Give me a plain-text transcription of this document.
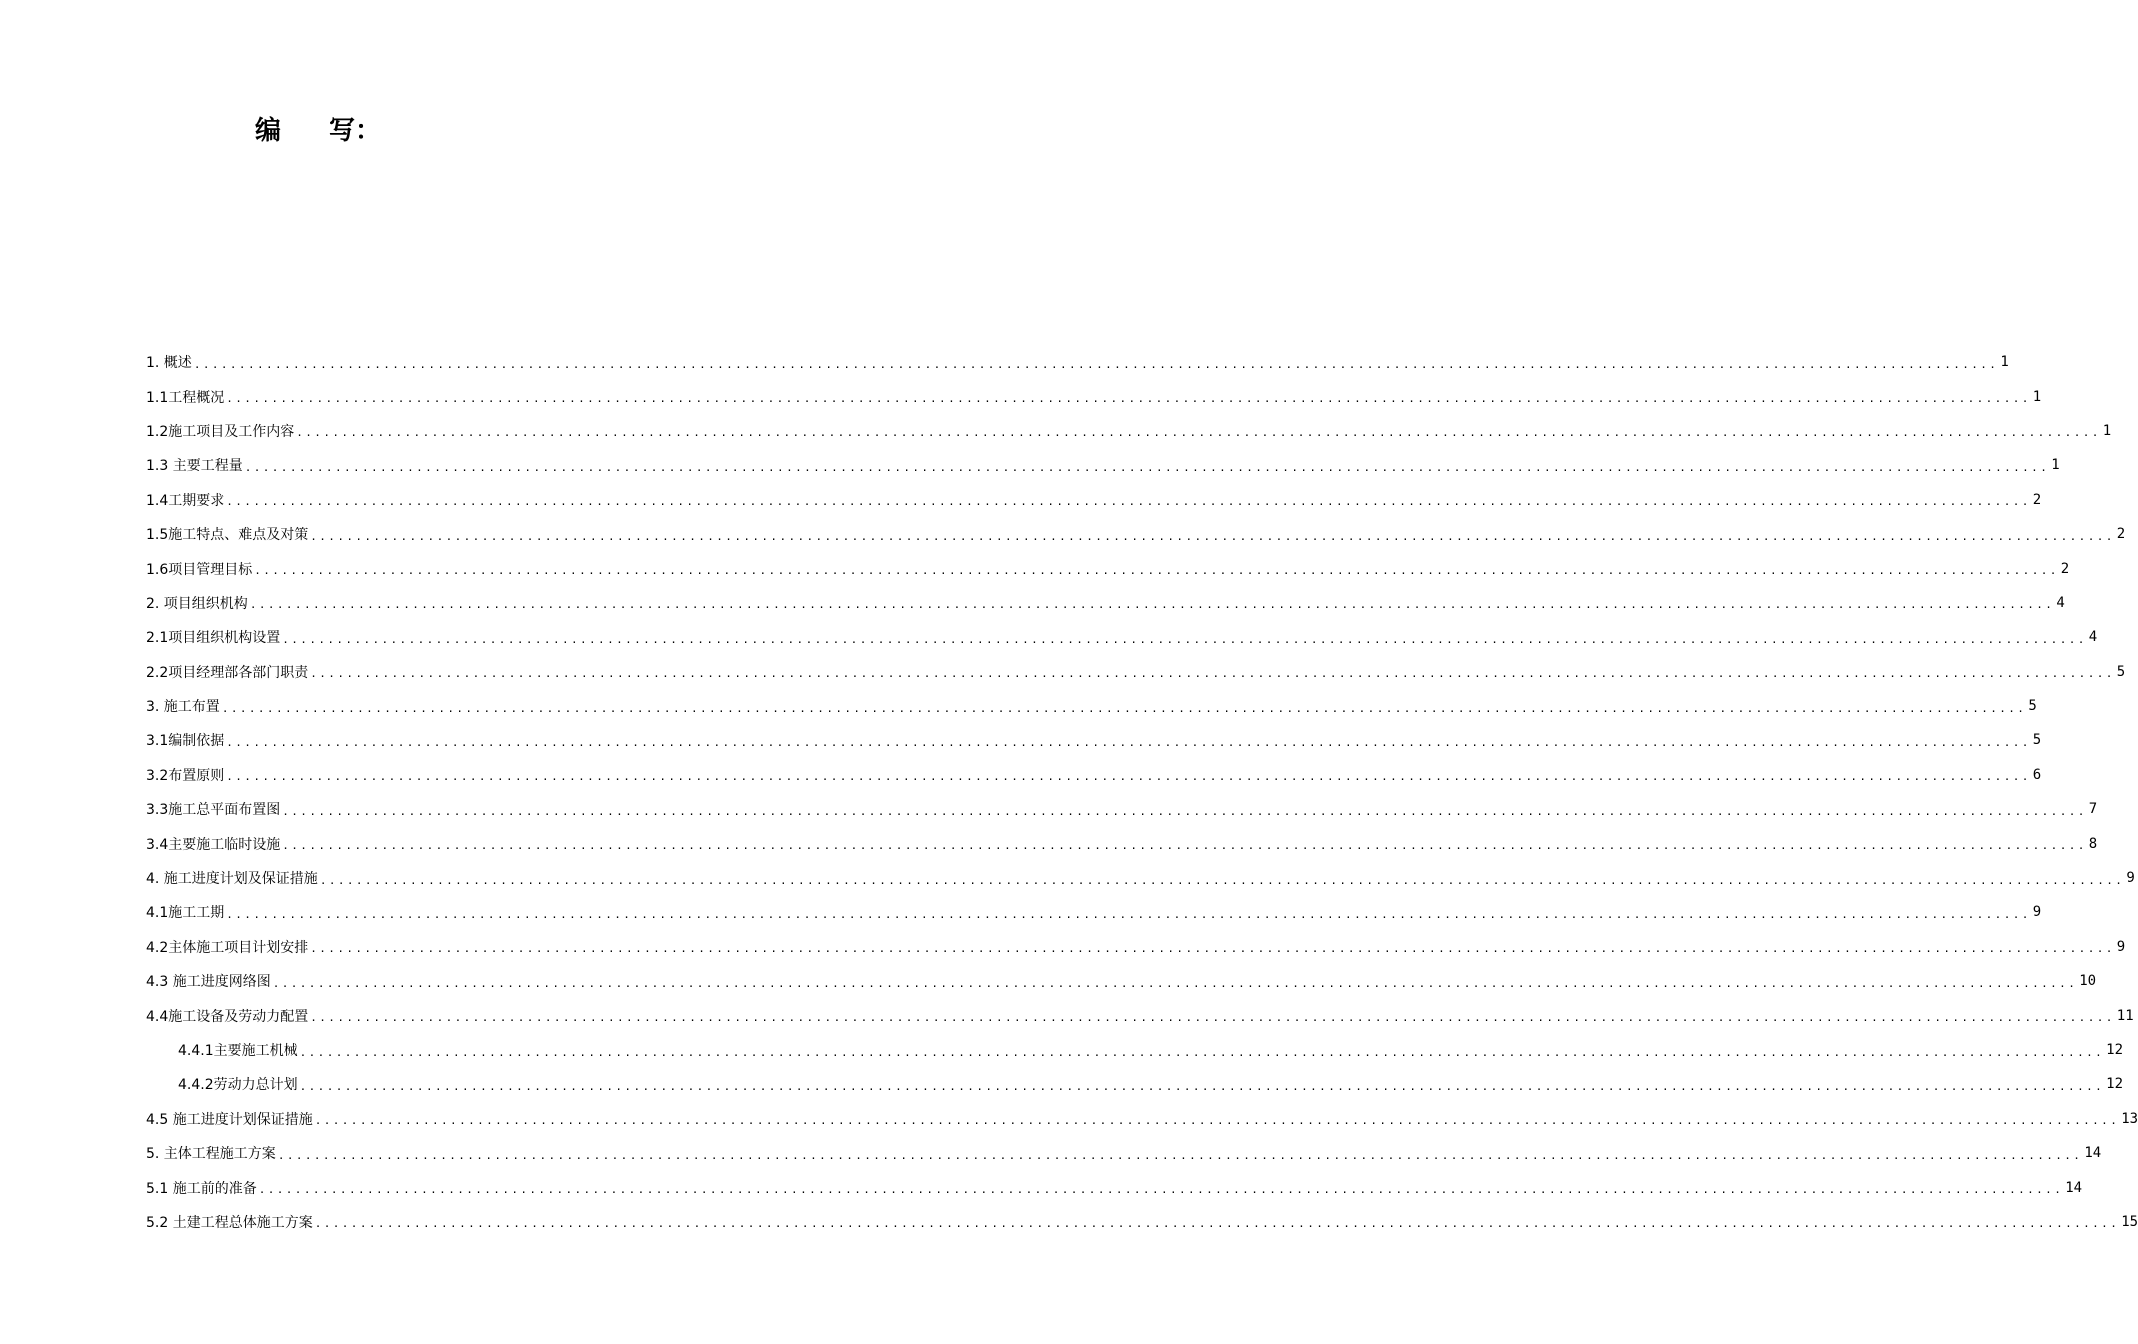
编 写：
1. 概述 ........................................................................................................................................................................................................ 1
1.1工程概况 ........................................................................................................................................................................................................ 1
1.2施工项目及工作内容 ........................................................................................................................................................................................................ 1
1.3 主要工程量 ........................................................................................................................................................................................................ 1
1.4工期要求 ........................................................................................................................................................................................................ 2
1.5施工特点、难点及对策 ........................................................................................................................................................................................................ 2
1.6项目管理目标 ........................................................................................................................................................................................................ 2
2. 项目组织机构 ........................................................................................................................................................................................................ 4
2.1项目组织机构设置 ........................................................................................................................................................................................................ 4
2.2项目经理部各部门职责 ........................................................................................................................................................................................................ 5
3. 施工布置 ........................................................................................................................................................................................................ 5
3.1编制依据 ........................................................................................................................................................................................................ 5
3.2布置原则 ........................................................................................................................................................................................................ 6
3.3施工总平面布置图 ........................................................................................................................................................................................................ 7
3.4主要施工临时设施 ........................................................................................................................................................................................................ 8
4. 施工进度计划及保证措施 ........................................................................................................................................................................................................ 9
4.1施工工期 ........................................................................................................................................................................................................ 9
4.2主体施工项目计划安排 ........................................................................................................................................................................................................ 9
4.3 施工进度网络图 ........................................................................................................................................................................................................ 10
4.4施工设备及劳动力配置 ........................................................................................................................................................................................................ 11
4.4.1主要施工机械 ........................................................................................................................................................................................................ 12
4.4.2劳动力总计划 ........................................................................................................................................................................................................ 12
4.5 施工进度计划保证措施 ........................................................................................................................................................................................................ 13
5. 主体工程施工方案 ........................................................................................................................................................................................................ 14
5.1 施工前的准备 ........................................................................................................................................................................................................ 14
5.2 土建工程总体施工方案 ........................................................................................................................................................................................................ 15
